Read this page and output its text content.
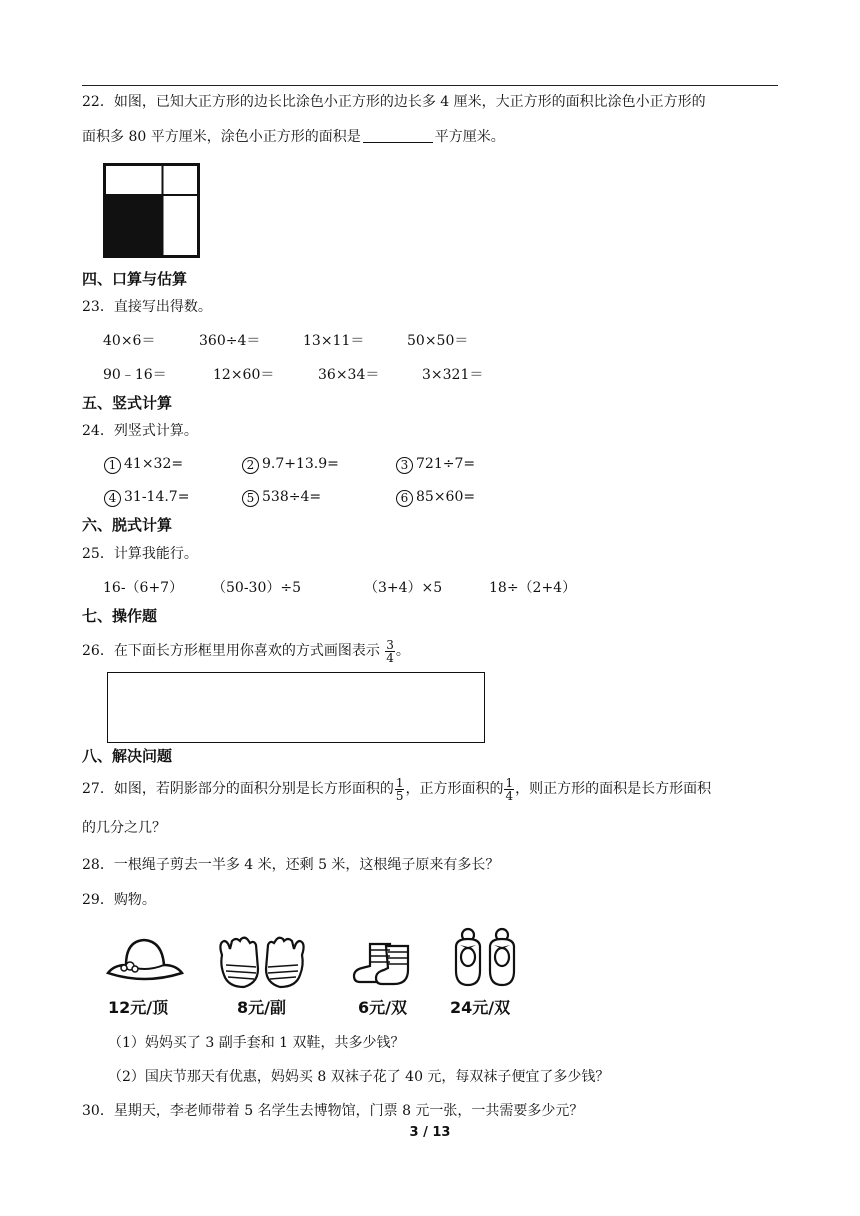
22．如图，已知大正方形的边长比涂色小正方形的边长多 4 厘米，大正方形的面积比涂色小正方形的
面积多 80 平方厘米，涂色小正方形的面积是	平方厘米。
四、口算与估算
23．直接写出得数。
40×6＝	360÷4＝	13×11＝	50×50＝
90﹣16＝	12×60＝	36×34＝	3×321＝
五、竖式计算
24．列竖式计算。
1 41×32=	2 9.7+13.9=	3 721÷7=
4 31-14.7=	5 538÷4=	6 85×60=
六、脱式计算
25．计算我能行。
16-（6+7） （50-30）÷5	（3+4）×5	18÷（2+4）
七、操作题
26．在下面长方形框里用你喜欢的方式画图表示 $\frac{3}{4}$ 。
八、解决问题
27．如图，若阴影部分的面积分别是长方形面积的 $\frac{1}{5}$ ，正方形面积的 $\frac{1}{4}$ ，则正方形的面积是长方形面积
的几分之几？
28．一根绳子剪去一半多 4 米，还剩 5 米，这根绳子原来有多长？
29．购物。
12元/顶	8元/副	6元/双	24元/双
（1）妈妈买了 3 副手套和 1 双鞋，共多少钱？
（2）国庆节那天有优惠，妈妈买 8 双袜子花了 40 元，每双袜子便宜了多少钱？
30．星期天，李老师带着 5 名学生去博物馆，门票 8 元一张，一共需要多少元？
3 / 13
